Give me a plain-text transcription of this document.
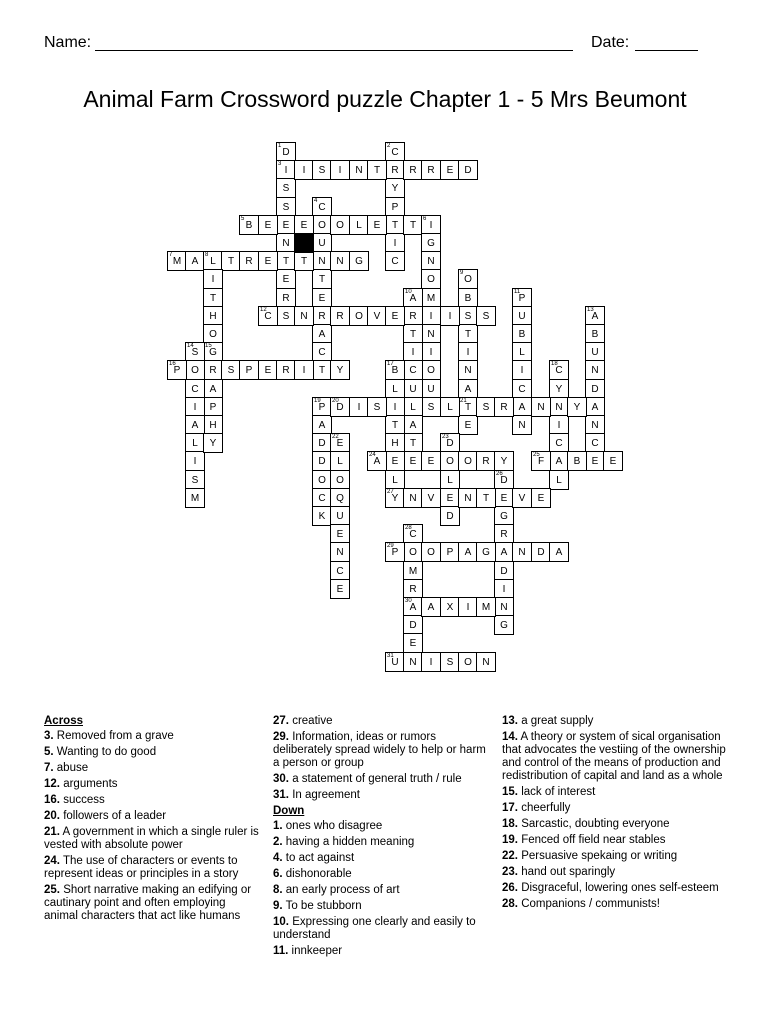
Name:	Date:
Animal Farm Crossword puzzle Chapter 1 - 5 Mrs Beumont
1
D
3
I
S
S
E
N
T
E
R
S
2
C
R
Y
P
T
I
C
I	S	I	N	T	R	R	E	D
4
C
O
U
N
T
E
R
A
C
T
5
B	E	E	O	L	E	T
6
I
G
N
O
M
I
N
I
O
U
S
7
M	A
8
L	T	R	E	T	N	G
I
T
H
O
15
G
R
A
P
H
9
O
B
S
T
I
N
A
21
T
E
10
A
R
T
I
C
U
L
A
T
E
11
P
U
B
L
I
C
A
N
12
C	N	R	O	V	E	I	S
13
A
B
U
N
D
A
N
C
E
14
S
O
C
I
A
L
I
S
M
Y
16
P	S	P	E	R	I	Y
17
B
L
I
T
H
E
L
27
Y
18
C
Y
N
I
C
A
L
19
P
A
D
D
O
C
K
20
D	I	S	L	S	R	N	Y
22
E
L
O
Q
U
E
N
C
E
23
D
O
L
E
D
24
A	E	O	R	Y
25
F	B	E
26
D
E
G
R
A
D
I
N
G
N	V	N	T	V	E
28
C
O
M
R
30
A
D
E
29
P	O	P	A	G	N	D	A
A	X	I	M
31
U	N	I	S	O	N
Across
3. Removed from a grave
5. Wanting to do good
7. abuse
12. arguments
16. success
20. followers of a leader
21. A government in which a single ruler is vested with absolute power
24. The use of characters or events to represent ideas or principles in a story
25. Short narrative making an edifying or cautinary point and often employing animal characters that act like humans
27. creative
29. Information, ideas or rumors deliberately spread widely to help or harm a person or group
30. a statement of general truth / rule
31. In agreement
Down
1. ones who disagree
2. having a hidden meaning
4. to act against
6. dishonorable
8. an early process of art
9. To be stubborn
10. Expressing one clearly and easily to understand
11. innkeeper
13. a great supply
14. A theory or system of sical organisation that advocates the vestiing of the ownership and control of the means of production and redistribution of capital and land as a whole
15. lack of interest
17. cheerfully
18. Sarcastic, doubting everyone
19. Fenced off field near stables
22. Persuasive spekaing or writing
23. hand out sparingly
26. Disgraceful, lowering ones self-esteem
28. Companions / communists!
